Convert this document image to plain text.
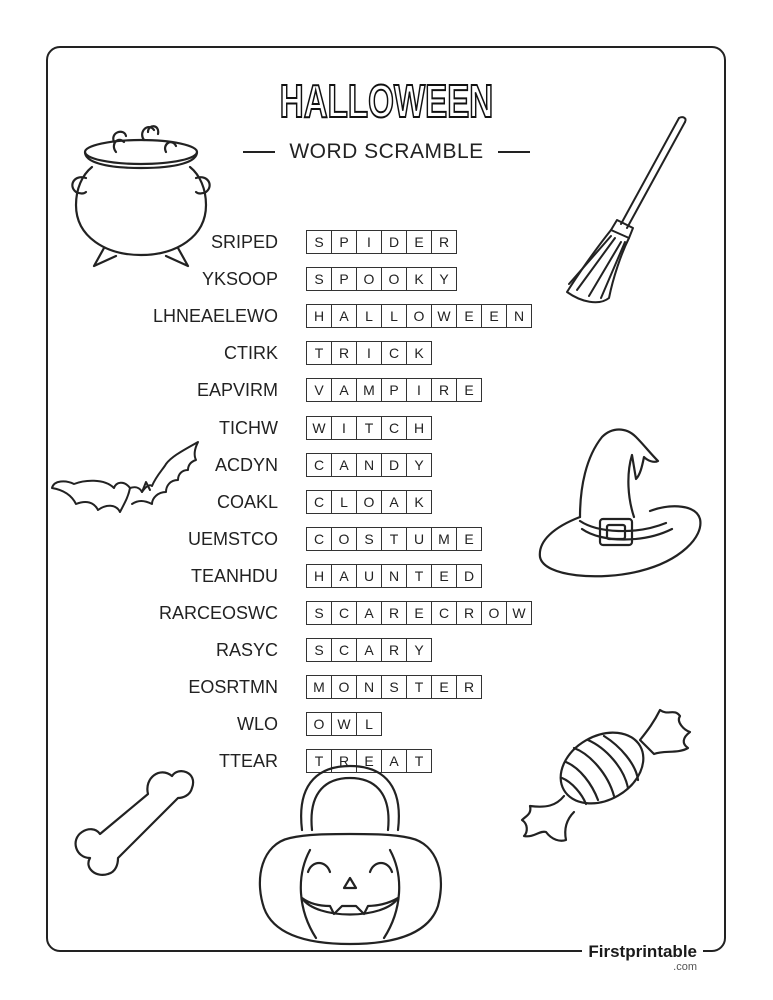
HALLOWEEN
WORD SCRAMBLE
SRIPED	S	P	I	D	E	R
YKSOOP	S	P	O	O	K	Y
LHNEAELEWO	H	A	L	L	O W E	E	N
CTIRK	T	R	I	C	K
EAPVIRM	V	A	M	P	I	R	E
TICHW	W	I	T	C	H
ACDYN	C	A	N	D	Y
COAKL	C	L	O	A	K
UEMSTCO	C	O	S	T	U	M	E
TEANHDU	H	A	U	N	T	E	D
RARCEOSWC	S	C	A	R	E	C	R	O W
RASYC	S	C	A	R	Y
EOSRTMN	M O	N	S	T	E	R
WLO	O W	L
TTEAR	T	R	E	A	T
Firstprintable
.com
